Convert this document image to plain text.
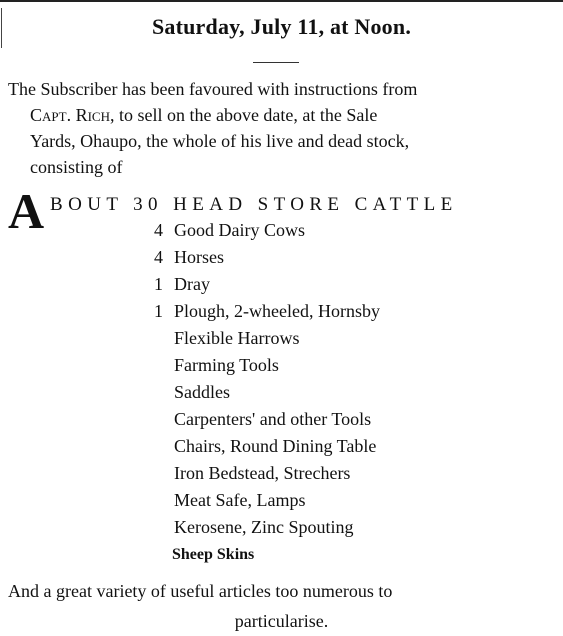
Saturday, July 11, at Noon.
The Subscriber has been favoured with instructions from
Capt. Rich, to sell on the above date, at the Sale
Yards, Ohaupo, the whole of his live and dead stock,
consisting of
A BOUT 30 HEAD STORE CATTLE
4 Good Dairy Cows
4 Horses
1 Dray
1 Plough, 2-wheeled, Hornsby
Flexible Harrows
Farming Tools
Saddles
Carpenters' and other Tools
Chairs, Round Dining Table
Iron Bedstead, Strechers
Meat Safe, Lamps
Kerosene, Zinc Spouting
Sheep Skins
And a great variety of useful articles too numerous to
particularise.
